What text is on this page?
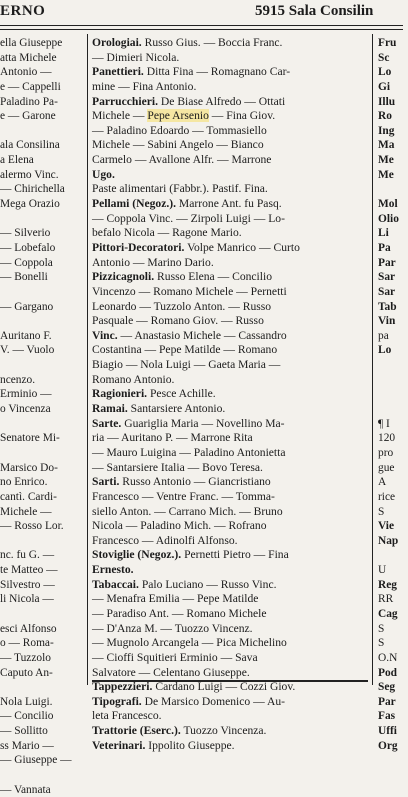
ERNO	5915 Sala Consilin
ella Giuseppe
atta Michele
Antonio —
e — Cappelli
Paladino Pa-
e — Garone
ala Consilina
a Elena
alermo Vinc.
— Chirichella
Mega Orazio
— Silverio
— Lobefalo
— Coppola
— Bonelli
— Gargano
Auritano F.
V. — Vuolo
ncenzo.
Erminio —
o Vincenza
Senatore Mi-
Marsico Do-
no Enrico.
cantì. Cardi-
Michele —
— Rosso Lor.
nc. fu G. —
te Matteo —
Silvestro —
li Nicola —
esci Alfonso
o — Roma-
— Tuzzolo
Caputo An-
Nola Luigi.
— Concilio
— Sollitto
ss Mario —
— Giuseppe —
— Vannata
Orologiai. Russo Gius. — Boccia Franc.
— Dimieri Nicola.
Panettieri. Ditta Fina — Romagnano Car-
mine — Fina Antonio.
Parrucchieri. De Biase Alfredo — Ottati
Michele — Pepe Arsenio — Fina Giov.
— Paladino Edoardo — Tommasiello
Michele — Sabini Angelo — Bianco
Carmelo — Avallone Alfr. — Marrone
Ugo.
Paste alimentari (Fabbr.). Pastif. Fina.
Pellami (Negoz.). Marrone Ant. fu Pasq.
— Coppola Vinc. — Zirpoli Luigi — Lo-
befalo Nicola — Ragone Mario.
Pittori-Decoratori. Volpe Manrico — Curto
Antonio — Marino Dario.
Pizzicagnoli. Russo Elena — Concilio
Vincenzo — Romano Michele — Pernetti
Leonardo — Tuzzolo Anton. — Russo
Pasquale — Romano Giov. — Russo
Vinc. — Anastasio Michele — Cassandro
Costantina — Pepe Matilde — Romano
Biagio — Nola Luigi — Gaeta Maria —
Romano Antonio.
Ragionieri. Pesce Achille.
Ramai. Santarsiere Antonio.
Sarte. Guariglia Maria — Novellino Ma-
ria — Auritano P. — Marrone Rita
— Mauro Luigina — Paladino Antonietta
— Santarsiere Italia — Bovo Teresa.
Sarti. Russo Antonio — Giancristiano
Francesco — Ventre Franc. — Tomma-
siello Anton. — Carrano Mich. — Bruno
Nicola — Paladino Mich. — Rofrano
Francesco — Adinolfi Alfonso.
Stoviglie (Negoz.). Pernetti Pietro — Fina
Ernesto.
Tabaccai. Palo Luciano — Russo Vinc.
— Menafra Emilia — Pepe Matilde
— Paradiso Ant. — Romano Michele
— D'Anza M. — Tuozzo Vincenz.
— Mugnolo Arcangela — Pica Michelino
— Cioffi Squitieri Erminio — Sava
Salvatore — Celentano Giuseppe.
Tappezzieri. Cardano Luigi — Cozzi Giov.
Tipografi. De Marsico Domenico — Au-
leta Francesco.
Trattorie (Eserc.). Tuozzo Vincenza.
Veterinari. Ippolito Giuseppe.
Fru
Sc
Lo
Gi
Illu
Ro
Ing
Ma
Me
Me
Mol
Olio
Li
Pa
Par
Sar
Sar
Tab
Vin
pa
Lo
¶ I
120
pro
gue
A
rice
S
Vie
Nap
U
Reg
RR
Cag
S
S
O.N
Pod
Seg
Par
Fas
Uffi
Org
